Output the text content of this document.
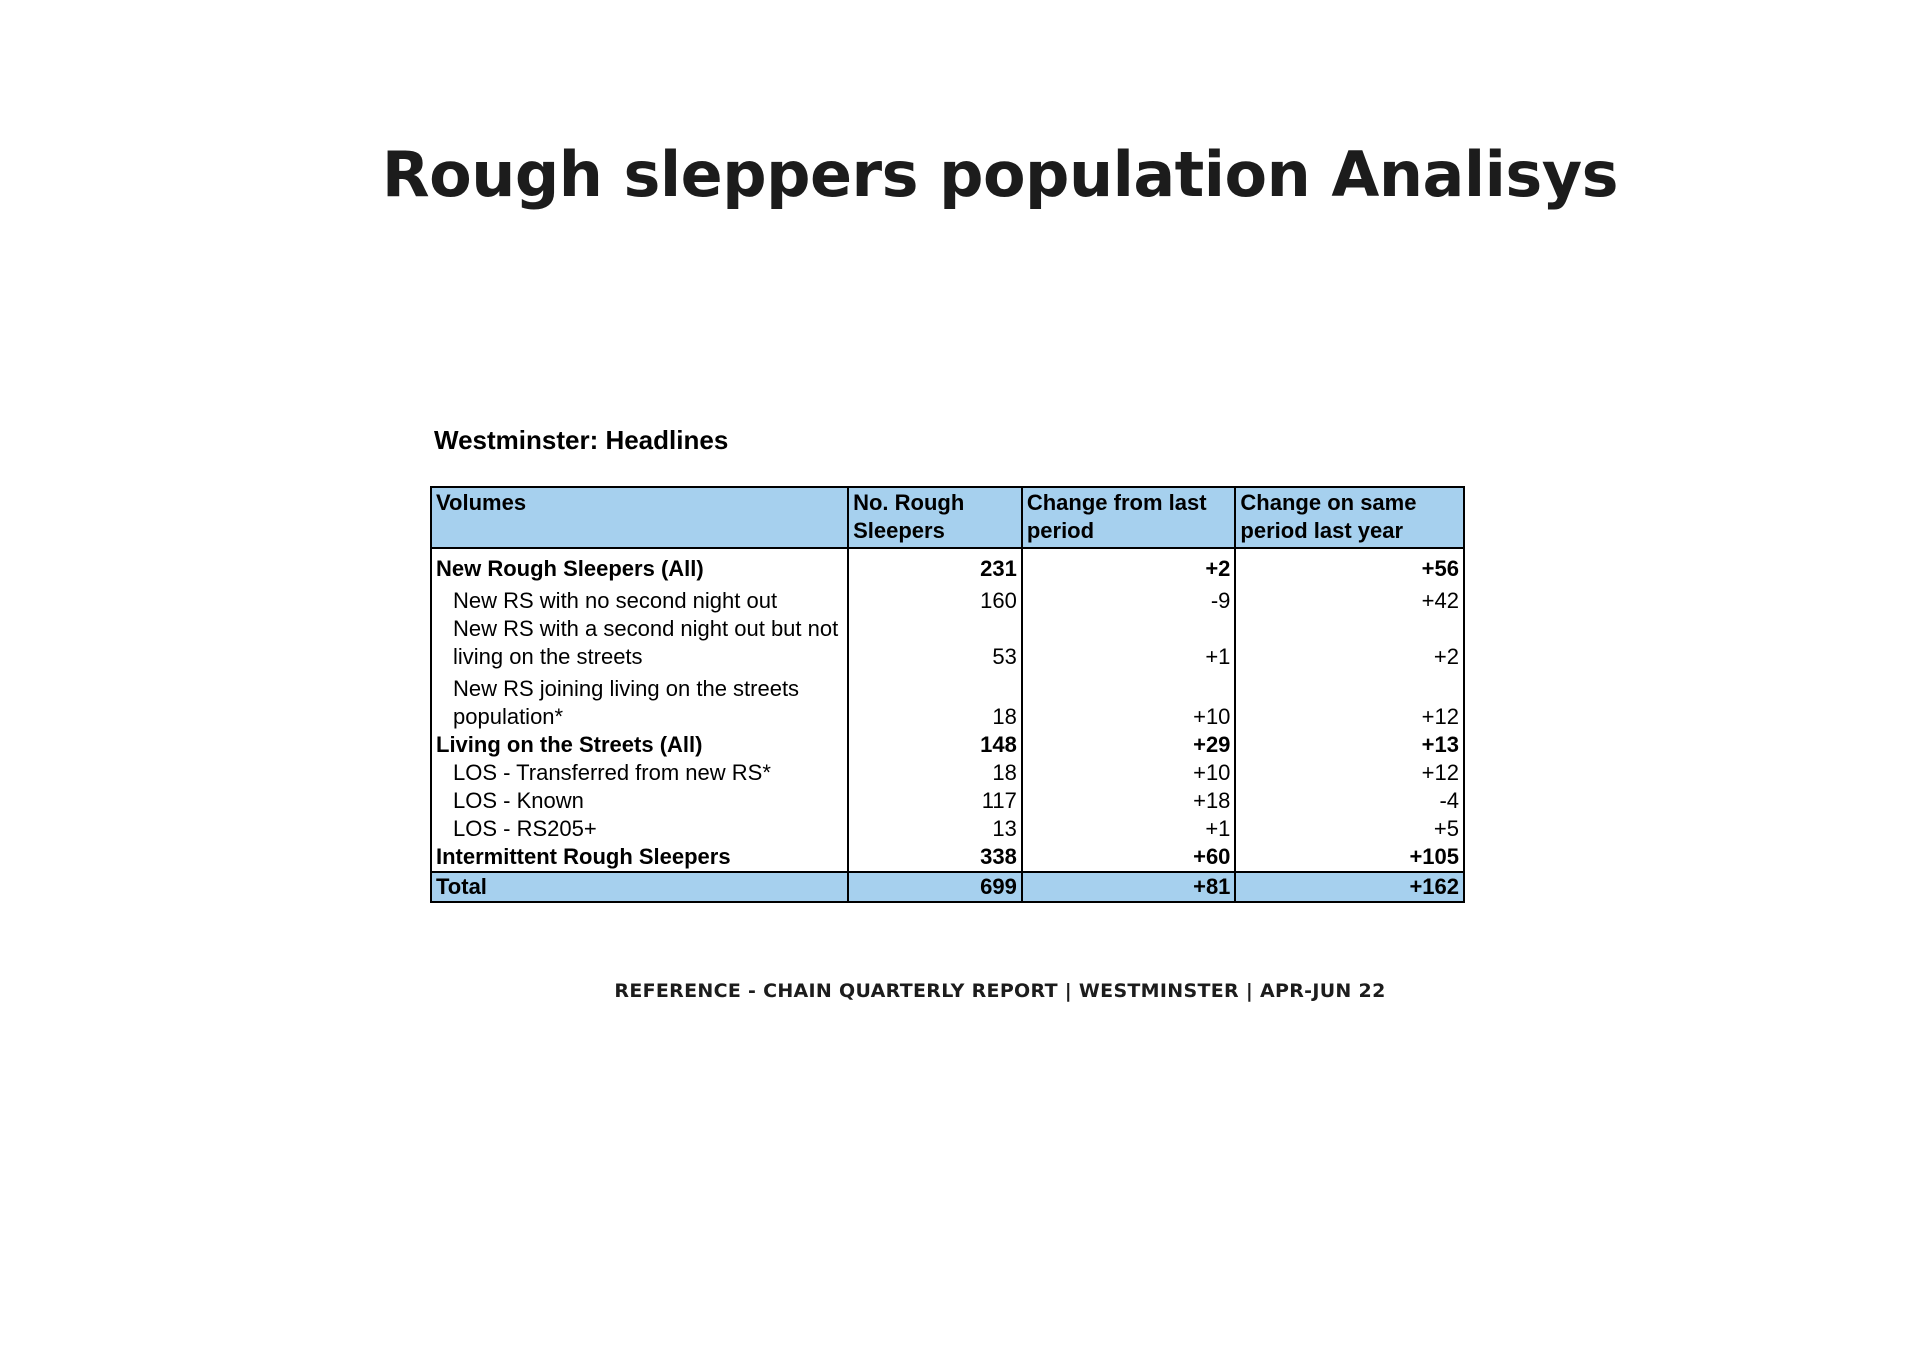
Rough sleppers population Analisys
Westminster: Headlines
Volumes	No. Rough Sleepers	Change from last period	Change on same period last year
New Rough Sleepers (All)	231	+2	+56
New RS with no second night out	160	-9	+42
New RS with a second night out but not living on the streets	53	+1	+2
New RS joining living on the streets population*	18	+10	+12
Living on the Streets (All)	148	+29	+13
LOS - Transferred from new RS*	18	+10	+12
LOS - Known	117	+18	-4
LOS - RS205+	13	+1	+5
Intermittent Rough Sleepers	338	+60	+105
Total	699	+81	+162
REFERENCE - CHAIN QUARTERLY REPORT | WESTMINSTER | APR-JUN 22
